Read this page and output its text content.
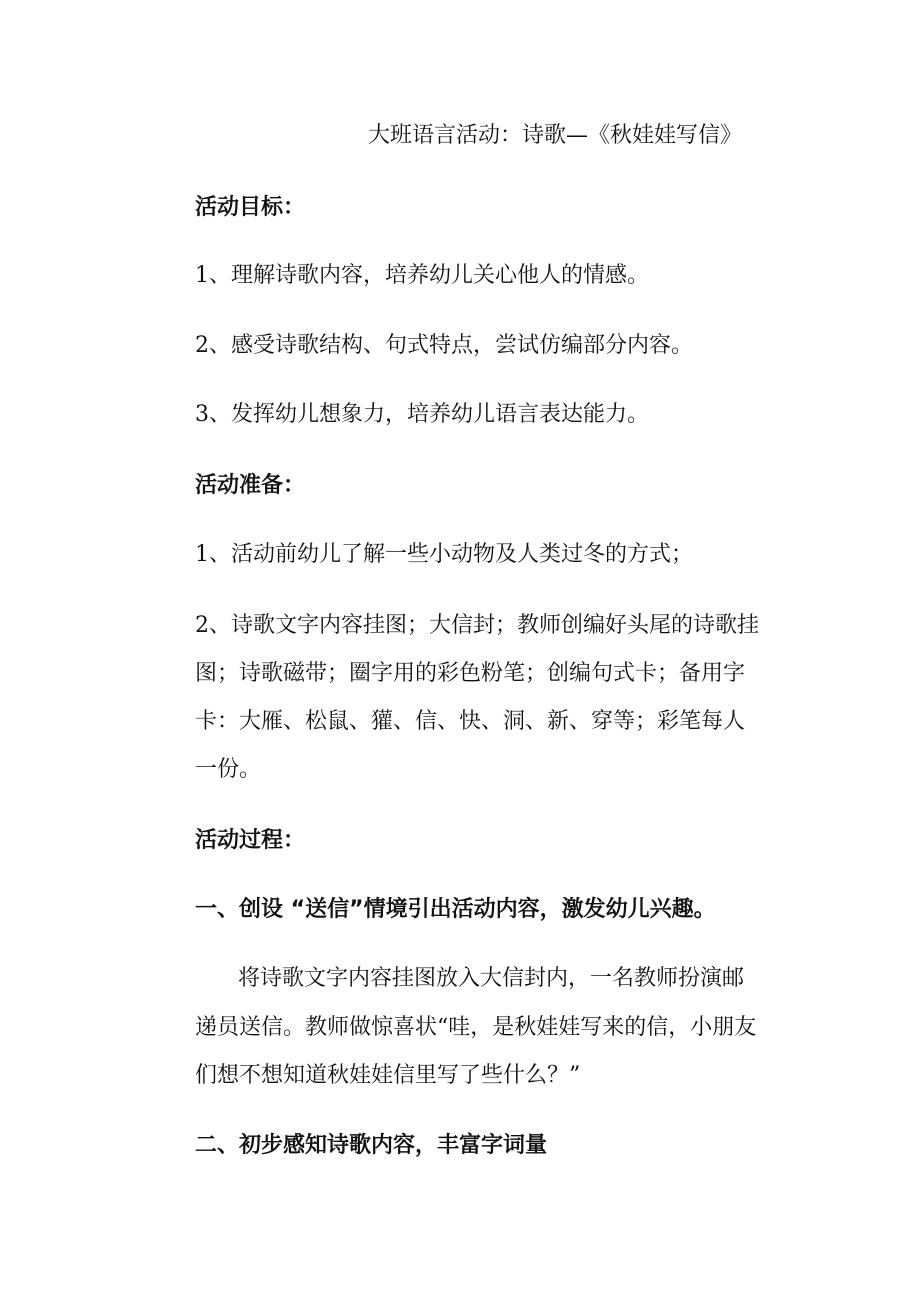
大班语言活动：诗歌—《秋娃娃写信》
活动目标：
1、理解诗歌内容，培养幼儿关心他人的情感。
2、感受诗歌结构、句式特点，尝试仿编部分内容。
3、发挥幼儿想象力，培养幼儿语言表达能力。
活动准备：
1、活动前幼儿了解一些小动物及人类过冬的方式；
2、诗歌文字内容挂图；大信封；教师创编好头尾的诗歌挂
图；诗歌磁带；圈字用的彩色粉笔；创编句式卡；备用字
卡：大雁、松鼠、獾、信、快、洞、新、穿等；彩笔每人
一份。
活动过程：
一、创设 “送信”情境引出活动内容，激发幼儿兴趣。
将诗歌文字内容挂图放入大信封内，一名教师扮演邮
递员送信。教师做惊喜状“哇，是秋娃娃写来的信，小朋友
们想不想知道秋娃娃信里写了些什么？”
二、初步感知诗歌内容，丰富字词量
